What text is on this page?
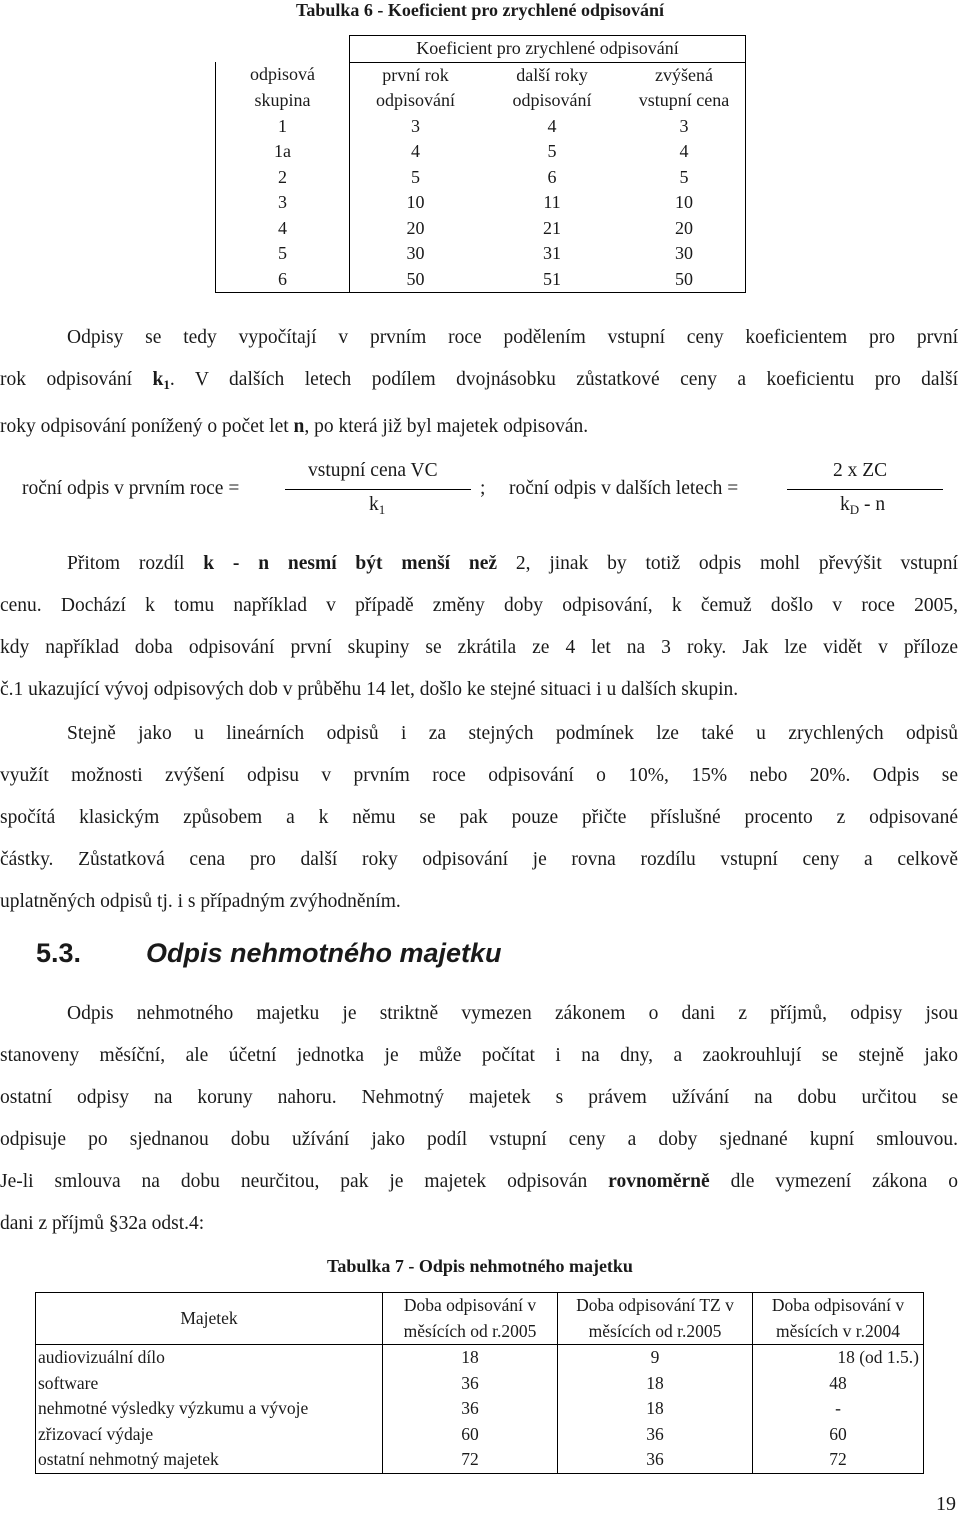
Tabulka 6 - Koeficient pro zrychlené odpisování
	Koeficient pro zrychlené odpisování		
odpisová	první rok	další roky	zvýšená
skupina	odpisování	odpisování	vstupní cena
1	3	4	3
1a	4	5	4
2	5	6	5
3	10	11	10
4	20	21	20
5	30	31	30
6	50	51	50
Odpisy se tedy vypočítají v prvním roce podělením vstupní ceny koeficientem pro první
rok odpisování $k_1$. V dalších letech podílem dvojnásobku zůstatkové ceny a koeficientu pro další
roky odpisování ponížený o počet let n, po která již byl majetek odpisován.
roční odpis v prvním roce =
vstupní cena VC
$k_1$
; roční odpis v dalších letech =
2 x ZC
$k_D$ - n
Přitom rozdíl k - n nesmí být menší než 2, jinak by totiž odpis mohl převýšit vstupní
cenu. Dochází k tomu například v případě změny doby odpisování, k čemuž došlo v roce 2005,
kdy například doba odpisování první skupiny se zkrátila ze 4 let na 3 roky. Jak lze vidět v příloze
č.1 ukazující vývoj odpisových dob v průběhu 14 let, došlo ke stejné situaci i u dalších skupin.
Stejně jako u lineárních odpisů i za stejných podmínek lze také u zrychlených odpisů
využít možnosti zvýšení odpisu v prvním roce odpisování o 10%, 15% nebo 20%. Odpis se
spočítá klasickým způsobem a k němu se pak pouze přičte příslušné procento z odpisované
částky. Zůstatková cena pro další roky odpisování je rovna rozdílu vstupní ceny a celkově
uplatněných odpisů tj. i s případným zvýhodněním.
5.3. Odpis nehmotného majetku
Odpis nehmotného majetku je striktně vymezen zákonem o dani z příjmů, odpisy jsou
stanoveny měsíční, ale účetní jednotka je může počítat i na dny, a zaokrouhlují se stejně jako
ostatní odpisy na koruny nahoru. Nehmotný majetek s právem užívání na dobu určitou se
odpisuje po sjednanou dobu užívání jako podíl vstupní ceny a doby sjednané kupní smlouvou.
Je-li smlouva na dobu neurčitou, pak je majetek odpisován rovnoměrně dle vymezení zákona o
dani z příjmů §32a odst.4:
Tabulka 7 - Odpis nehmotného majetku
Majetek	Doba odpisování v	Doba odpisování TZ v	Doba odpisování v
	měsících od r.2005	měsících od r.2005	měsících v r.2004
audiovizuální dílo	18	9	18 (od 1.5.)
software	36	18	48
nehmotné výsledky výzkumu a vývoje	36	18	-
zřizovací výdaje	60	36	60
ostatní nehmotný majetek	72	36	72
19
